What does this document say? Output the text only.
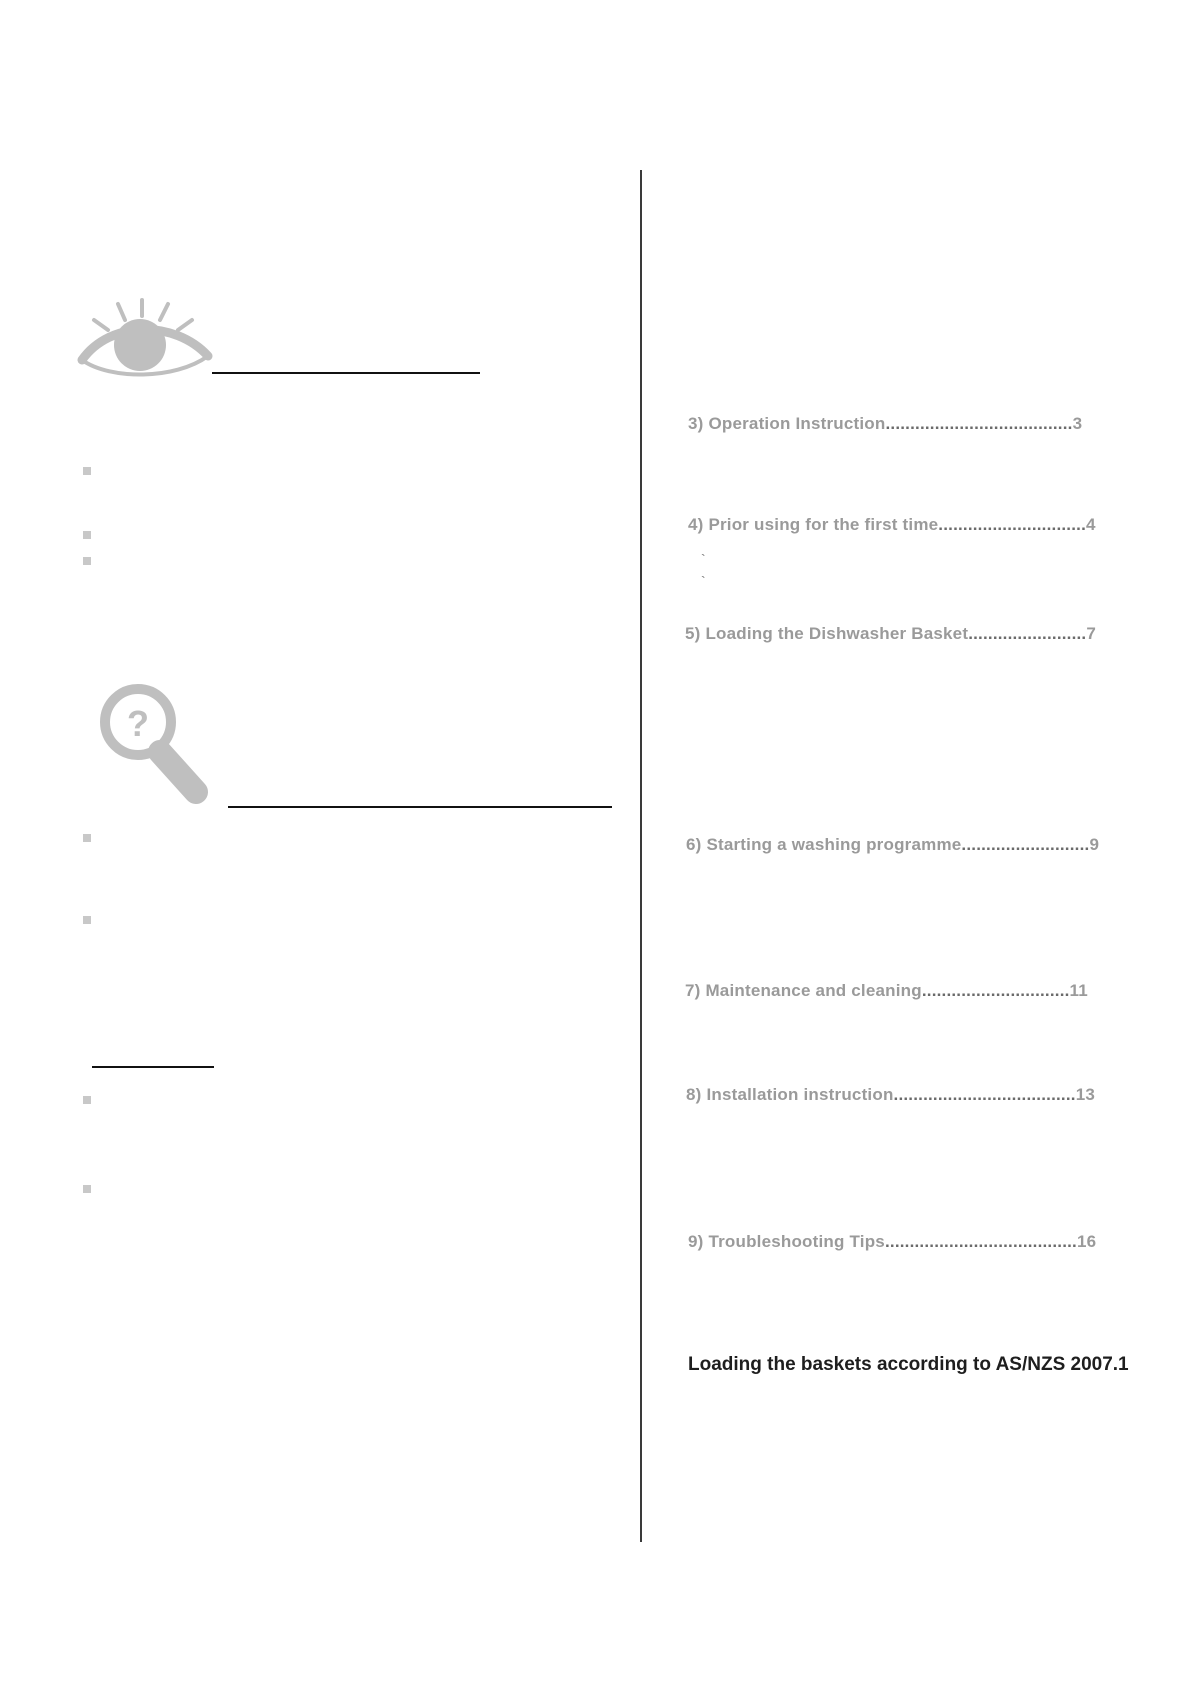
?
3) Operation Instruction......................................3
4) Prior using for the first time..............................4
`
`
5) Loading the Dishwasher Basket........................7
6) Starting a washing programme..........................9
7) Maintenance and cleaning..............................11
8) Installation instruction.....................................13
9) Troubleshooting Tips.......................................16
Loading the baskets according to AS/NZS 2007.1
